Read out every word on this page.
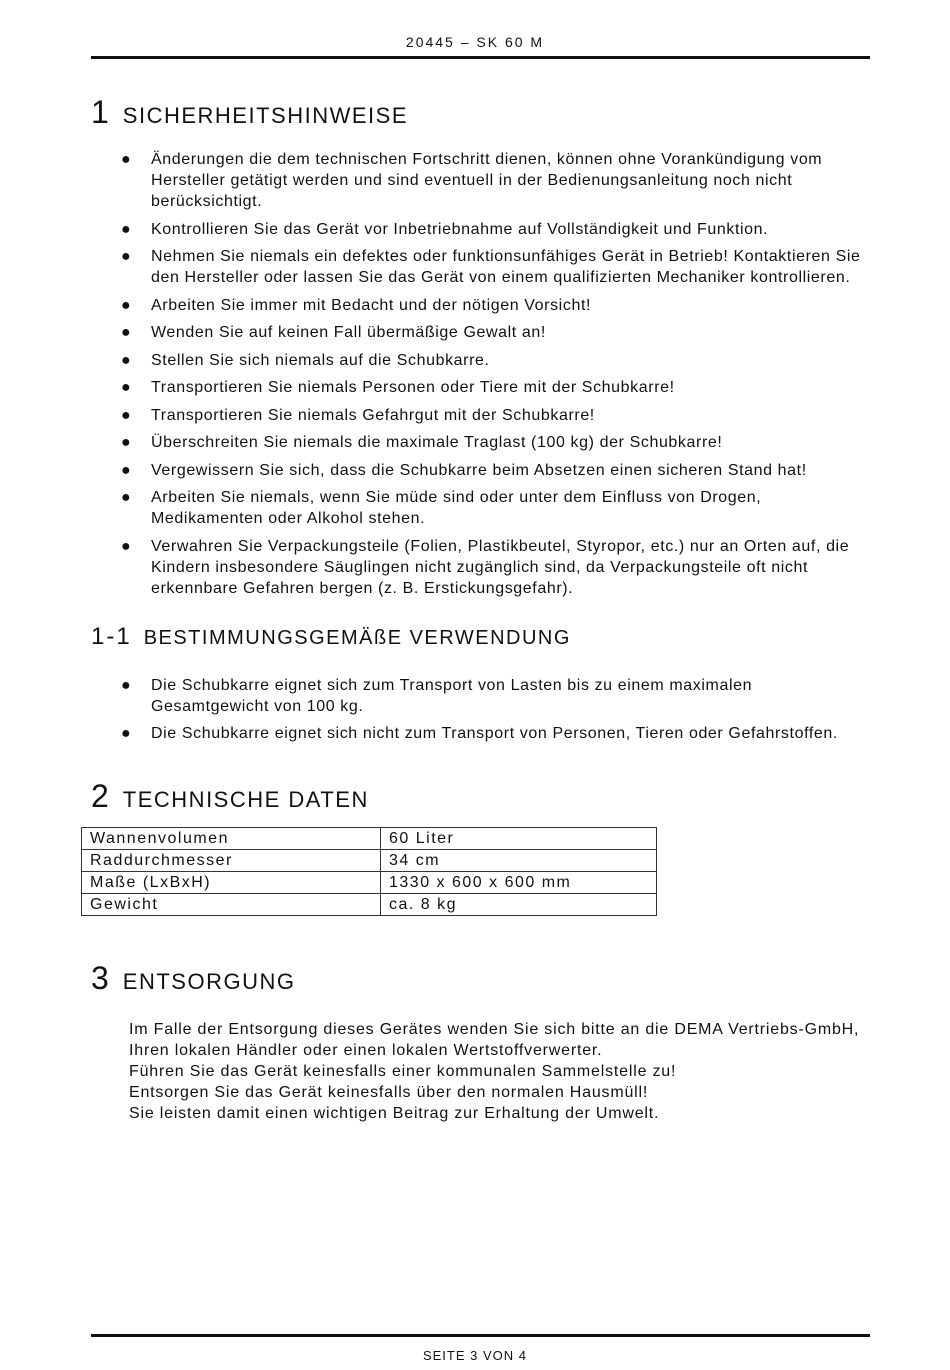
20445 – SK 60 M
1 SICHERHEITSHINWEISE
● Änderungen die dem technischen Fortschritt dienen, können ohne Vorankündigung vom Hersteller getätigt werden und sind eventuell in der Bedienungsanleitung noch nicht berücksichtigt.
● Kontrollieren Sie das Gerät vor Inbetriebnahme auf Vollständigkeit und Funktion.
● Nehmen Sie niemals ein defektes oder funktionsunfähiges Gerät in Betrieb! Kontaktieren Sie den Hersteller oder lassen Sie das Gerät von einem qualifizierten Mechaniker kontrollieren.
● Arbeiten Sie immer mit Bedacht und der nötigen Vorsicht!
● Wenden Sie auf keinen Fall übermäßige Gewalt an!
● Stellen Sie sich niemals auf die Schubkarre.
● Transportieren Sie niemals Personen oder Tiere mit der Schubkarre!
● Transportieren Sie niemals Gefahrgut mit der Schubkarre!
● Überschreiten Sie niemals die maximale Traglast (100 kg) der Schubkarre!
● Vergewissern Sie sich, dass die Schubkarre beim Absetzen einen sicheren Stand hat!
● Arbeiten Sie niemals, wenn Sie müde sind oder unter dem Einfluss von Drogen, Medikamenten oder Alkohol stehen.
● Verwahren Sie Verpackungsteile (Folien, Plastikbeutel, Styropor, etc.) nur an Orten auf, die Kindern insbesondere Säuglingen nicht zugänglich sind, da Verpackungsteile oft nicht erkennbare Gefahren bergen (z. B. Erstickungsgefahr).
1-1 BESTIMMUNGSGEMÄßE VERWENDUNG
● Die Schubkarre eignet sich zum Transport von Lasten bis zu einem maximalen Gesamtgewicht von 100 kg.
● Die Schubkarre eignet sich nicht zum Transport von Personen, Tieren oder Gefahrstoffen.
2 TECHNISCHE DATEN
Wannenvolumen	60 Liter
Raddurchmesser	34 cm
Maße (LxBxH)	1330 x 600 x 600 mm
Gewicht	ca. 8 kg
3 ENTSORGUNG

Im Falle der Entsorgung dieses Gerätes wenden Sie sich bitte an die DEMA Vertriebs-GmbH, Ihren lokalen Händler oder einen lokalen Wertstoffverwerter.

Führen Sie das Gerät keinesfalls einer kommunalen Sammelstelle zu!

Entsorgen Sie das Gerät keinesfalls über den normalen Hausmüll!

Sie leisten damit einen wichtigen Beitrag zur Erhaltung der Umwelt.

SEITE 3 VON 4
